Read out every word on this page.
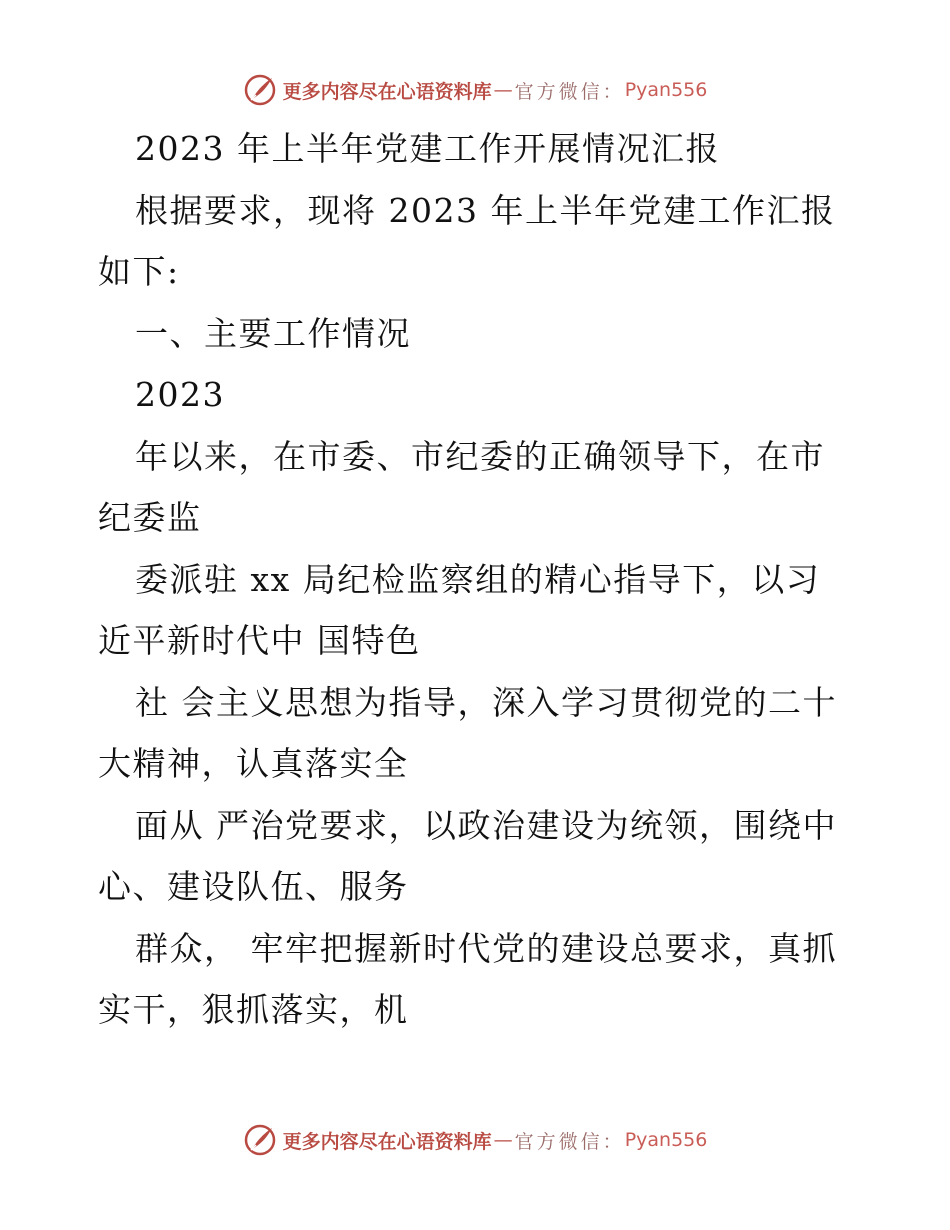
更多内容尽在心语资料库 — 官方微信： Pyan556

2023 年上半年党建工作开展情况汇报

根据要求，现将 2023 年上半年党建工作汇报如下:

一、主要工作情况

2023

年以来，在市委、市纪委的正确领导下，在市纪委监

委派驻 xx 局纪检监察组的精心指导下，以习近平新时代中 国特色

社 会主义思想为指导，深入学习贯彻党的二十大精神，认真落实全

面从 严治党要求，以政治建设为统领，围绕中心、建设队伍、服务

群众， 牢牢把握新时代党的建设总要求，真抓实干，狠抓落实，机

更多内容尽在心语资料库 — 官方微信： Pyan556
